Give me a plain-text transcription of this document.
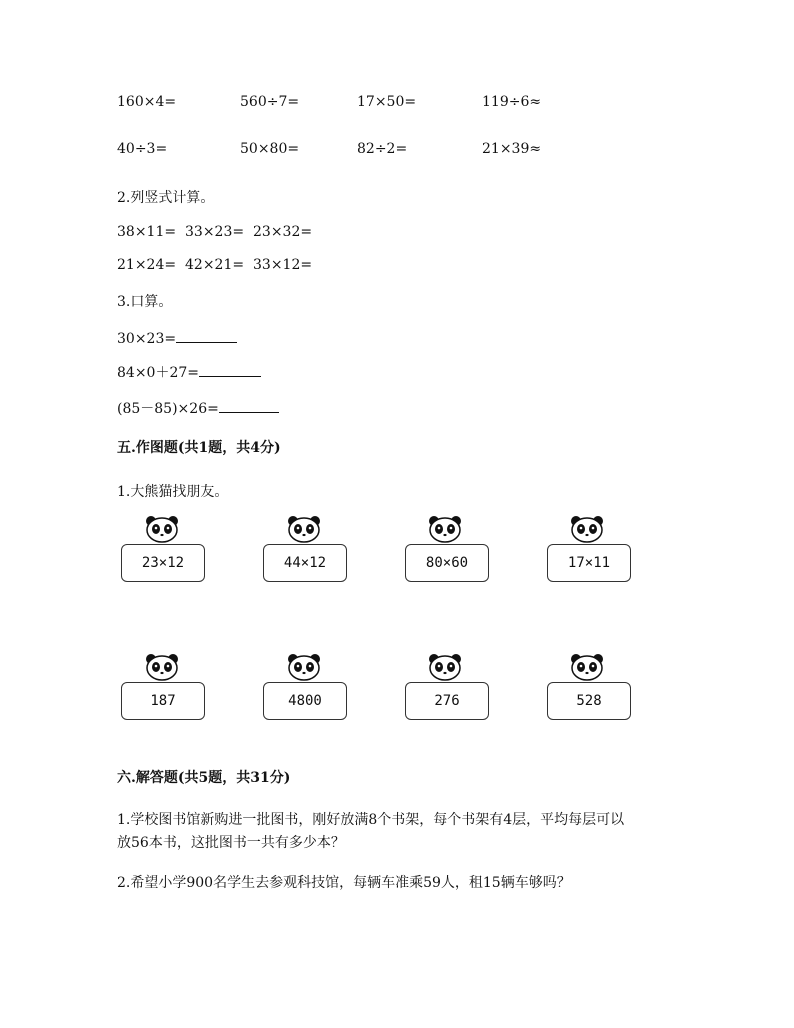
160×4=	560÷7=	17×50=	119÷6≈
40÷3=	50×80=	82÷2=	21×39≈
2.列竖式计算。
38×11= 33×23= 23×32=
21×24= 42×21= 33×12=
3.口算。
30×23=
84×0＋27=
(85－85)×26=
五.作图题(共1题，共4分)
1.大熊猫找朋友。
23×12	44×12	80×60	17×11
187	4800	276	528
六.解答题(共5题，共31分)
1.学校图书馆新购进一批图书，刚好放满8个书架，每个书架有4层，平均每层可以
放56本书，这批图书一共有多少本？
2.希望小学900名学生去参观科技馆，每辆车准乘59人，租15辆车够吗？
